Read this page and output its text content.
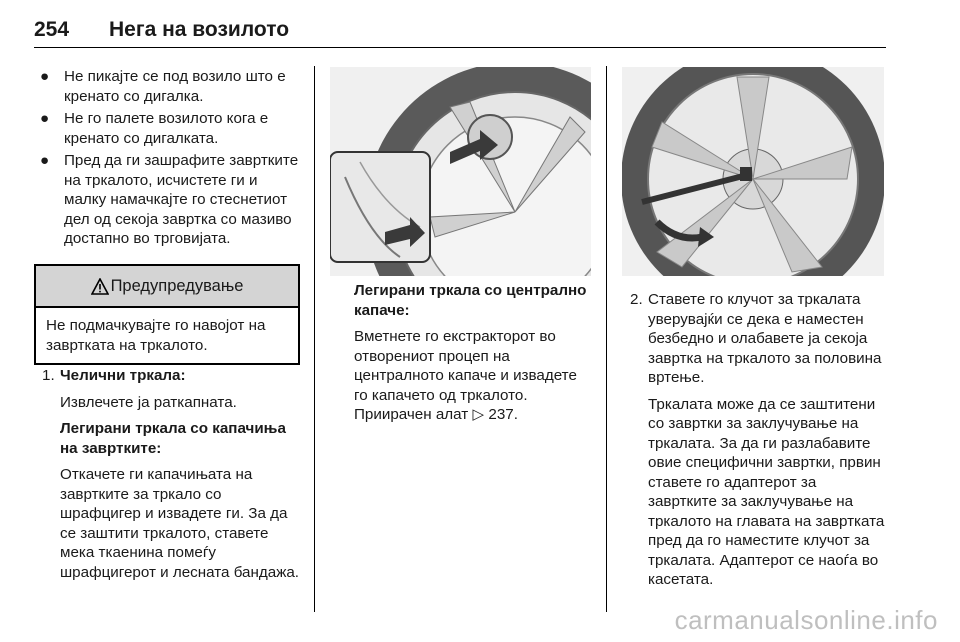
254 Нега на возилото
● Не пикајте се под возило што е кренато со дигалка.
● Не го палете возилото кога е кренато со дигалката.
● Пред да ги зашрафите завртките на тркалото, исчистете ги и малку намачкајте го стеснетиот дел од секоја завртка со мазиво достапно во трговијата.
Предупредување
Не подмачкувајте го навојот на завртката на тркалото.
1. Челични тркала:

Извлечете ја раткапната.

Легирани тркала со капачиња на завртките:

Откачете ги капачињата на завртките за тркало со шрафцигер и извадете ги. За да се заштити тркалото, ставете мека ткаенина помеѓу шрафцигерот и лесната бандажа.

Легирани тркала со централно капаче:

Вметнете го екстракторот во отворениот процеп на централното капаче и извадете го капачето од тркалото. Приирачен алат ▷ 237.

2. Ставете го клучот за тркалата уверувајќи се дека е наместен безбедно и олабавете ја секоја завртка на тркалото за половина вртење.

Тркалата може да се заштитени со завртки за заклучување на тркалата. За да ги разлабавите овие специфични завртки, првин ставете го адаптерот за завртките за заклучување на тркалото на главата на завртката пред да го наместите клучот за тркалата. Адаптерот се наоѓа во касетата.

carmanualsonline.info
